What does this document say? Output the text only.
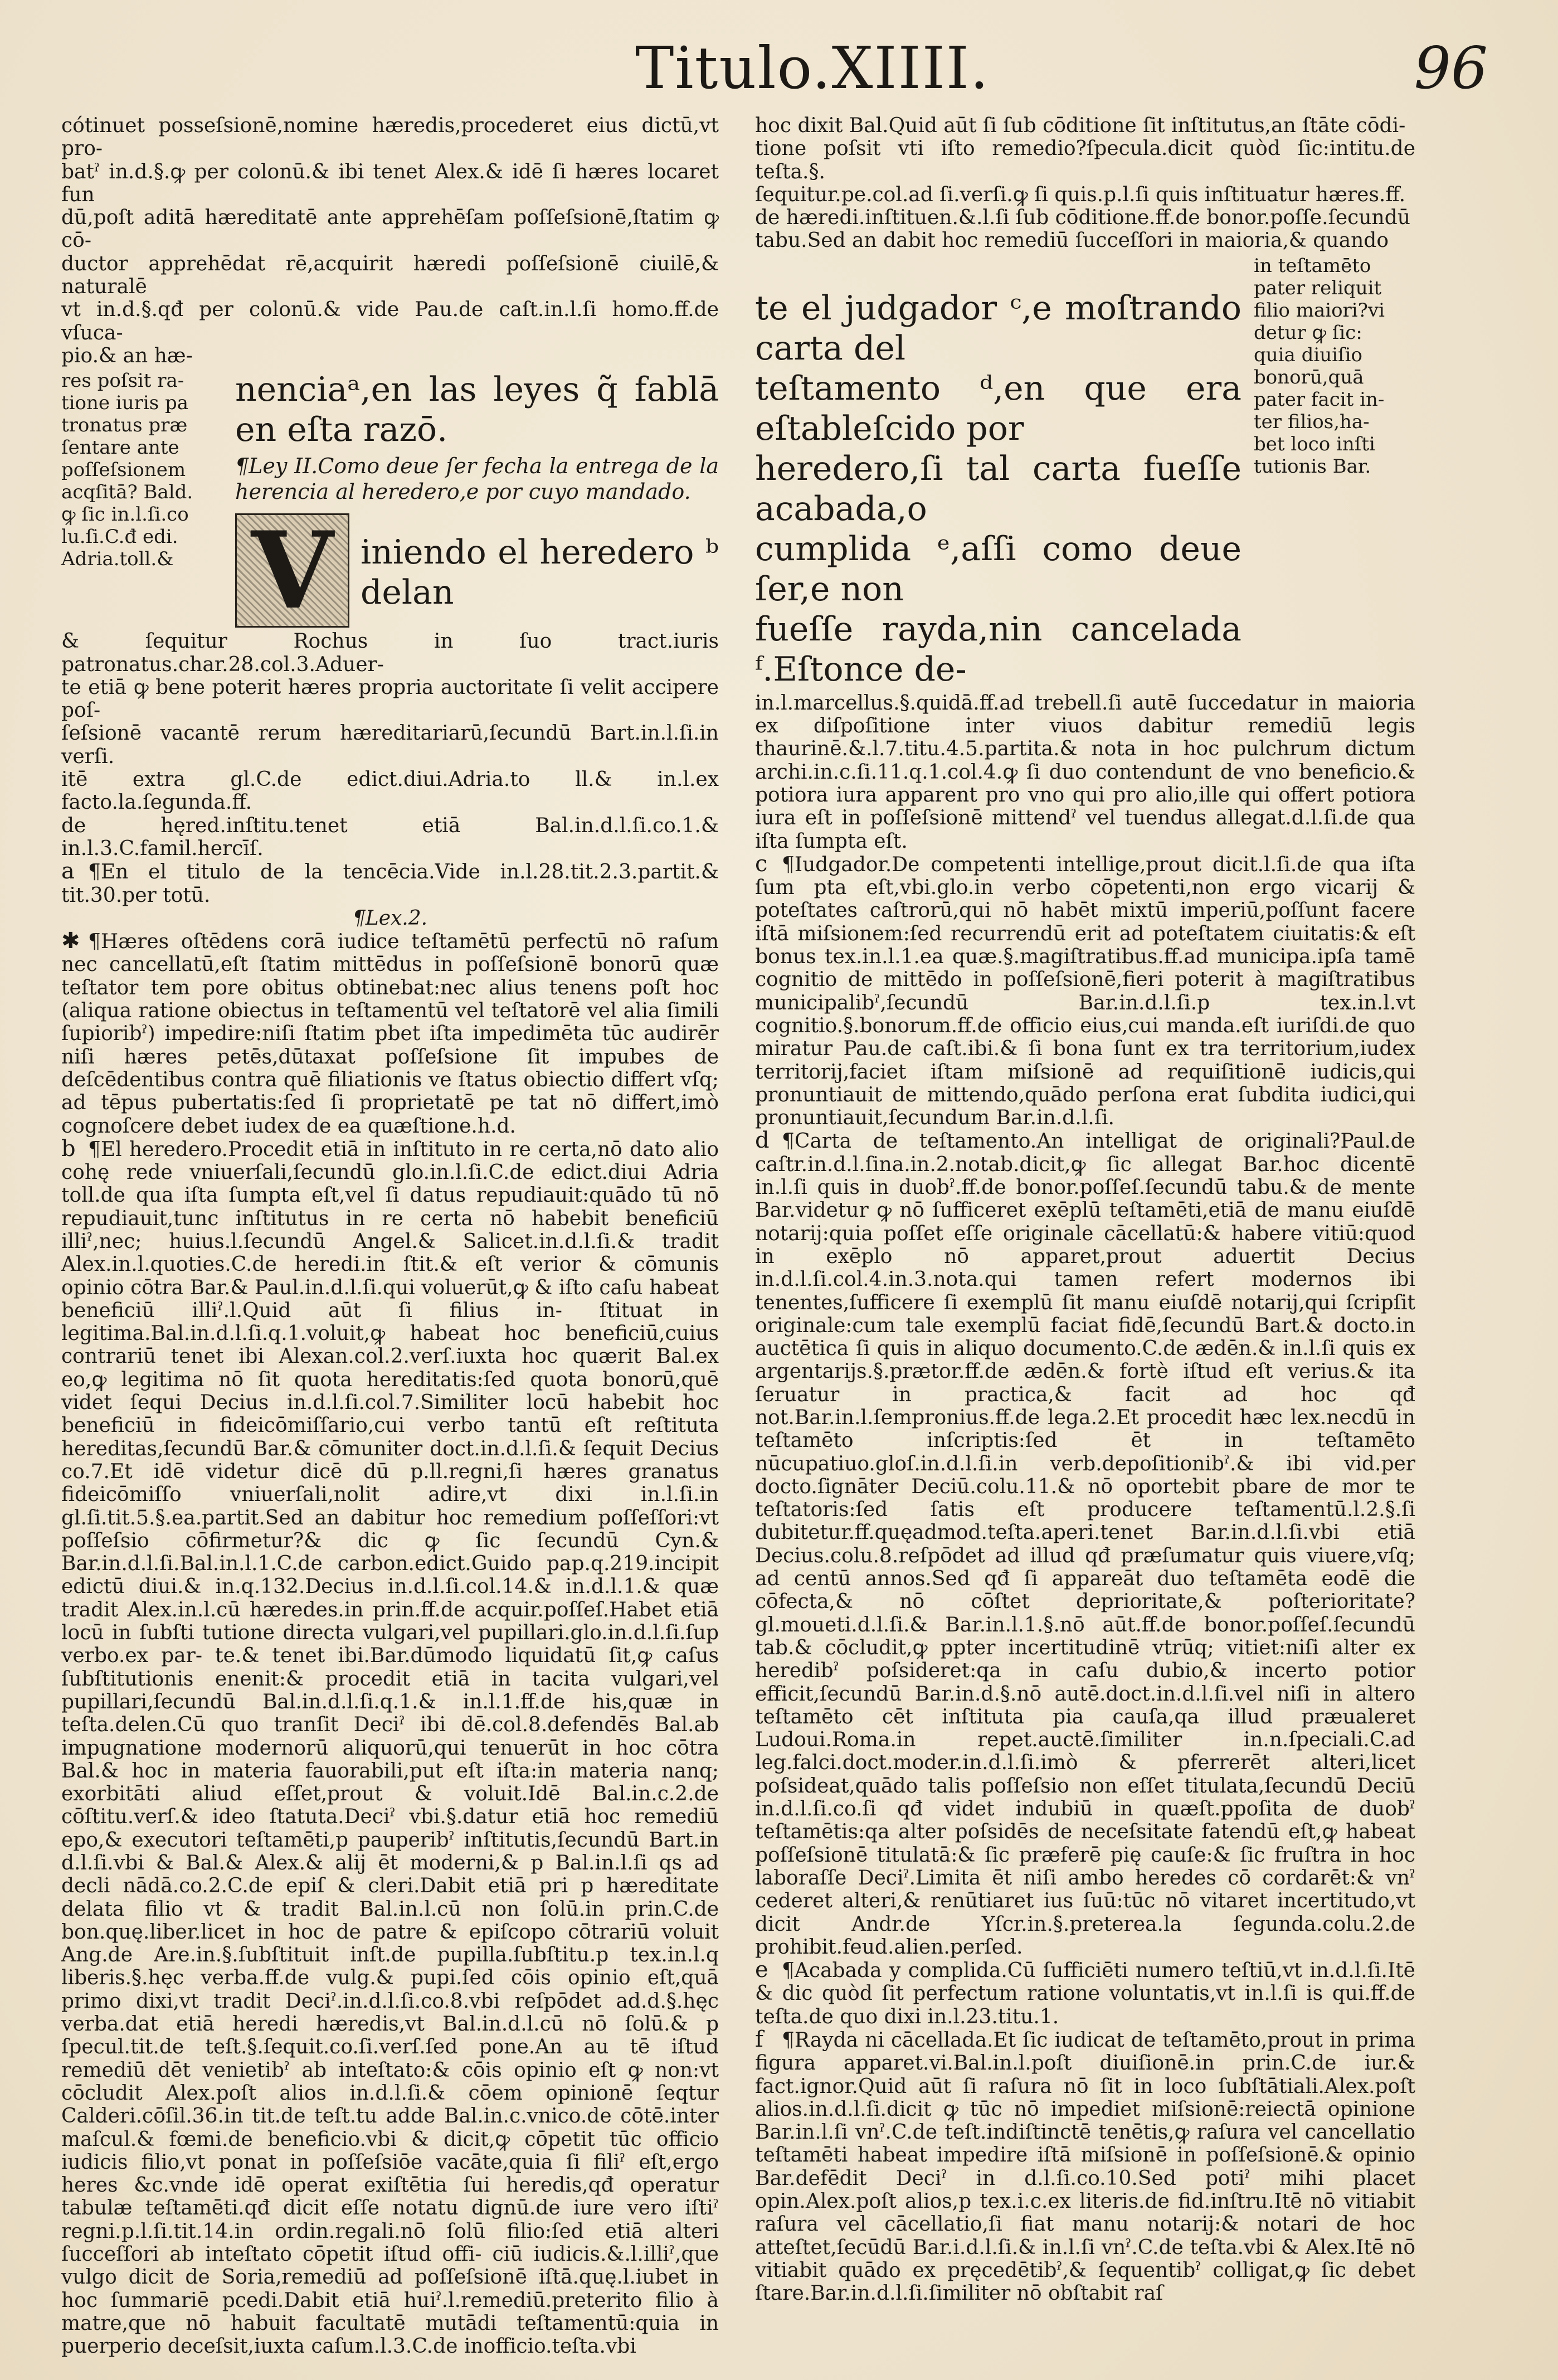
Titulo.XIIII.	96

cótinuet posseſsionē,nomine hæredis,procederet eius dictū,vt pro-

batˀ in.d.§.ꝙ per colonū.& ibi tenet Alex.& idē ſi hæres locaret fun

dū,poſt aditā hæreditatē ante apprehēſam poſſeſsionē,ſtatim ꝙ cō-

ductor apprehēdat rē,acquirit hæredi poſſeſsionē ciuilē,& naturalē

vt in.d.§.qđ per colonū.& vide Pau.de caſt.in.l.ſi homo.ff.de vſuca-

pio.& an hæ-

res poſsit ra-
tione iuris pa
tronatus præ
ſentare ante
poſſeſsionem
acqſitā? Bald.
ꝙ ſic in.l.ſi.co
lu.ſi.C.đ edi.
Adria.toll.&
nenciaᵃ,en las leyes q̃ fablā en eſta razō.
¶Ley II.Como deue ſer fecha la entrega de la herencia al heredero,e por cuyo mandado.
V iniendo el heredero ᵇ delan

& ſequitur Rochus in ſuo tract.iuris patronatus.char.28.col.3.Aduer-

te etiā ꝙ bene poterit hæres propria auctoritate ſi velit accipere poſ-

ſeſsionē vacantē rerum hæreditariarū,ſecundū Bart.in.l.ſi.in verſi.

itē extra gl.C.de edict.diui.Adria.to ll.& in.l.ex facto.la.ſegunda.ff.

de hęred.inſtitu.tenet etiā Bal.in.d.l.ſi.co.1.& in.l.3.C.famil.hercīſ.

a ¶En el titulo de la tencēcia.Vide in.l.28.tit.2.3.partit.& tit.30.per totū.

¶Lex.2.

✱ ¶Hæres oſtēdens corā iudice teſtamētū perfectū nō raſum nec cancellatū,eſt ſtatim mittēdus in poſſeſsionē bonorū quæ teſtator tem pore obitus obtinebat:nec alius tenens poſt hoc (aliqua ratione obiectus in teſtamentū vel teſtatorē vel alia ſimili ſupioribˀ) impedire:niſi ſtatim pbet iſta impedimēta tūc audirēr niſi hæres petēs,dūtaxat poſſeſsione ſit impubes de deſcēdentibus contra quē filiationis ve ſtatus obiectio differt vſq; ad tēpus pubertatis:ſed ſi proprietatē pe tat nō differt,imò cognoſcere debet iudex de ea quæſtione.h.d.

b ¶El heredero.Procedit etiā in inſtituto in re certa,nō dato alio cohę rede vniuerſali,ſecundū glo.in.l.ſi.C.de edict.diui Adria toll.de qua iſta ſumpta eſt,vel ſi datus repudiauit:quādo tū nō repudiauit,tunc inſtitutus in re certa nō habebit beneficiū illiˀ,nec; huius.l.ſecundū Angel.& Salicet.in.d.l.ſi.& tradit Alex.in.l.quoties.C.de heredi.in ſtit.& eſt verior & cōmunis opinio cōtra Bar.& Paul.in.d.l.ſi.qui voluerūt,ꝙ & iſto caſu habeat beneficiū illiˀ.l.Quid aūt ſi filius in- ſtituat in legitima.Bal.in.d.l.ſi.q.1.voluit,ꝙ habeat hoc beneficiū,cuius contrariū tenet ibi Alexan.col.2.verſ.iuxta hoc quærit Bal.ex eo,ꝙ legitima nō ſit quota hereditatis:ſed quota bonorū,quē videt ſequi Decius in.d.l.ſi.col.7.Similiter locū habebit hoc beneficiū in fideicōmiſſario,cui verbo tantū eſt reſtituta hereditas,ſecundū Bar.& cōmuniter doct.in.d.l.ſi.& ſequit Decius co.7.Et idē videtur dicē dū p.ll.regni,ſi hæres granatus fideicōmiſſo vniuerſali,nolit adire,vt dixi in.l.ſi.in gl.ſi.tit.5.§.ea.partit.Sed an dabitur hoc remedium poſſeſſori:vt poſſeſsio cōfirmetur?& dic ꝙ ſic ſecundū Cyn.& Bar.in.d.l.ſi.Bal.in.l.1.C.de carbon.edict.Guido pap.q.219.incipit edictū diui.& in.q.132.Decius in.d.l.ſi.col.14.& in.d.l.1.& quæ tradit Alex.in.l.cū hæredes.in prin.ff.de acquir.poſſeſ.Habet etiā locū in ſubſti tutione directa vulgari,vel pupillari.glo.in.d.l.ſi.ſup verbo.ex par- te.& tenet ibi.Bar.dūmodo liquidatū ſit,ꝙ caſus ſubſtitutionis enenit:& procedit etiā in tacita vulgari,vel pupillari,ſecundū Bal.in.d.l.ſi.q.1.& in.l.1.ff.de his,quæ in teſta.delen.Cū quo tranſit Deciˀ ibi dē.col.8.defendēs Bal.ab impugnatione modernorū aliquorū,qui tenuerūt in hoc cōtra Bal.& hoc in materia fauorabili,put eſt iſta:in materia nanq; exorbitāti aliud eſſet,prout & voluit.Idē Bal.in.c.2.de cōſtitu.verſ.& ideo ſtatuta.Deciˀ vbi.§.datur etiā hoc remediū epo,& executori teſtamēti,p pauperibˀ inſtitutis,ſecundū Bart.in d.l.ſi.vbi & Bal.& Alex.& alij ēt moderni,& p Bal.in.l.ſi qs ad decli nādā.co.2.C.de epiſ & cleri.Dabit etiā pri p hæreditate delata filio vt & tradit Bal.in.l.cū non ſolū.in prin.C.de bon.quę.liber.licet in hoc de patre & epiſcopo cōtrariū voluit Ang.de Are.in.§.ſubſtituit inſt.de pupilla.ſubſtitu.p tex.in.l.q liberis.§.hęc verba.ff.de vulg.& pupi.ſed cōis opinio eſt,quā primo dixi,vt tradit Deciˀ.in.d.l.ſi.co.8.vbi reſpōdet ad.d.§.hęc verba.dat etiā heredi hæredis,vt Bal.in.d.l.cū nō ſolū.& p ſpecul.tit.de teſt.§.ſequit.co.ſi.verſ.ſed pone.An au tē iſtud remediū dēt venietibˀ ab inteſtato:& cōis opinio eſt ꝙ non:vt cōcludit Alex.poſt alios in.d.l.ſi.& cōem opinionē ſeqtur Calderi.cōſil.36.in tit.de teſt.tu adde Bal.in.c.vnico.de cōtē.inter maſcul.& fœmi.de beneficio.vbi & dicit,ꝙ cōpetit tūc officio iudicis filio,vt ponat in poſſeſsiōe vacāte,quia ſi filiˀ eſt,ergo heres &c.vnde idē operat exiſtētia ſui heredis,qđ operatur tabulæ teſtamēti.qđ dicit eſſe notatu dignū.de iure vero iſtiˀ regni.p.l.ſi.tit.14.in ordin.regali.nō ſolū filio:ſed etiā alteri ſucceſſori ab inteſtato cōpetit iſtud offi- ciū iudicis.&.l.illiˀ,que vulgo dicit de Soria,remediū ad poſſeſsionē iſtā.quę.l.iubet in hoc ſummariē pcedi.Dabit etiā huiˀ.l.remediū.preterito filio à matre,que nō habuit facultatē mutādi teſtamentū:quia in puerperio deceſsit,iuxta caſum.l.3.C.de inofficio.teſta.vbi

hoc dixit Bal.Quid aūt ſi ſub cōditione ſit inſtitutus,an ſtāte cōdi-

tione poſsit vti iſto remedio?ſpecula.dicit quòd ſic:intitu.de teſta.§.

ſequitur.pe.col.ad ſi.verſi.ꝙ ſi quis.p.l.ſi quis inſtituatur hæres.ff.

de hæredi.inſtituen.&.l.ſi ſub cōditione.ff.de bonor.poſſe.ſecundū

tabu.Sed an dabit hoc remediū ſucceſſori in maioria,& quando

te el judgador ᶜ,e moſtrando carta del
teſtamento ᵈ,en que era eſtableſcido por
heredero,ſi tal carta fueſſe acabada,o
cumplida ᵉ,aſſi como deue ſer,e non
fueſſe rayda,nin cancelada ᶠ.Eſtonce de-
in teſtamēto
pater reliquit
filio maiori?vi
detur ꝙ ſic:
quia diuiſio
bonorū,quā
pater facit in-
ter filios,ha-
bet loco inſti
tutionis Bar.

in.l.marcellus.§.quidā.ff.ad trebell.ſi autē ſuccedatur in maioria ex diſpoſitione inter viuos dabitur remediū legis thaurinē.&.l.7.titu.4.5.partita.& nota in hoc pulchrum dictum archi.in.c.ſi.11.q.1.col.4.ꝙ ſi duo contendunt de vno beneficio.& potiora iura apparent pro vno qui pro alio,ille qui offert potiora iura eſt in poſſeſsionē mittendˀ vel tuendus allegat.d.l.ſi.de qua iſta ſumpta eſt.

c ¶Iudgador.De competenti intellige,prout dicit.l.ſi.de qua iſta ſum pta eſt,vbi.glo.in verbo cōpetenti,non ergo vicarij & poteſtates caſtrorū,qui nō habēt mixtū imperiū,poſſunt facere iſtā miſsionem:ſed recurrendū erit ad poteſtatem ciuitatis:& eſt bonus tex.in.l.1.ea quæ.§.magiſtratibus.ff.ad municipa.ipſa tamē cognitio de mittēdo in poſſeſsionē,fieri poterit à magiſtratibus municipalibˀ,ſecundū Bar.in.d.l.ſi.p tex.in.l.vt cognitio.§.bonorum.ff.de officio eius,cui manda.eſt iuriſdi.de quo miratur Pau.de caſt.ibi.& ſi bona ſunt ex tra territorium,iudex territorij,faciet iſtam miſsionē ad requiſitionē iudicis,qui pronuntiauit de mittendo,quādo perſona erat ſubdita iudici,qui pronuntiauit,ſecundum Bar.in.d.l.ſi.

d ¶Carta de teſtamento.An intelligat de originali?Paul.de caſtr.in.d.l.ſina.in.2.notab.dicit,ꝙ ſic allegat Bar.hoc dicentē in.l.ſi quis in duobˀ.ff.de bonor.poſſeſ.ſecundū tabu.& de mente Bar.videtur ꝙ nō ſufficeret exēplū teſtamēti,etiā de manu eiuſdē notarij:quia poſſet eſſe originale cācellatū:& habere vitiū:quod in exēplo nō apparet,prout aduertit Decius in.d.l.ſi.col.4.in.3.nota.qui tamen refert modernos ibi tenentes,ſufficere ſi exemplū ſit manu eiuſdē notarij,qui ſcripſit originale:cum tale exemplū faciat fidē,ſecundū Bart.& docto.in auctētica ſi quis in aliquo documento.C.de ædēn.& in.l.ſi quis ex argentarijs.§.prætor.ff.de ædēn.& fortè iſtud eſt verius.& ita ſeruatur in practica,& facit ad hoc qđ not.Bar.in.l.ſempronius.ff.de lega.2.Et procedit hæc lex.necdū in teſtamēto inſcriptis:ſed ēt in teſtamēto nūcupatiuo.gloſ.in.d.l.ſi.in verb.depoſitionibˀ.& ibi vid.per docto.ſignāter Deciū.colu.11.& nō oportebit pbare de mor te teſtatoris:ſed ſatis eſt producere teſtamentū.l.2.§.ſi dubitetur.ff.quęadmod.teſta.aperi.tenet Bar.in.d.l.ſi.vbi etiā Decius.colu.8.reſpōdet ad illud qđ præſumatur quis viuere,vſq; ad centū annos.Sed qđ ſi appareāt duo teſtamēta eodē die cōfecta,& nō cōſtet deprioritate,& poſterioritate?gl.moueti.d.l.ſi.& Bar.in.l.1.§.nō aūt.ff.de bonor.poſſeſ.ſecundū tab.& cōcludit,ꝙ ppter incertitudinē vtrūq; vitiet:niſi alter ex heredibˀ poſsideret:qa in caſu dubio,& incerto potior efficit,ſecundū Bar.in.d.§.nō autē.doct.in.d.l.ſi.vel niſi in altero teſtamēto cēt inſtituta pia cauſa,qa illud præualeret Ludoui.Roma.in repet.auctē.ſimiliter in.n.ſpeciali.C.ad leg.falci.doct.moder.in.d.l.ſi.imò & pferrerēt alteri,licet poſsideat,quādo talis poſſeſsio non eſſet titulata,ſecundū Deciū in.d.l.ſi.co.ſi qđ videt indubiū in quæſt.ppoſita de duobˀ teſtamētis:qa alter poſsidēs de neceſsitate fatendū eſt,ꝙ habeat poſſeſsionē titulatā:& ſic præferē pię cauſe:& ſic fruſtra in hoc laboraſſe Deciˀ.Limita ēt niſi ambo heredes cō cordarēt:& vnˀ cederet alteri,& renūtiaret ius ſuū:tūc nō vitaret incertitudo,vt dicit Andr.de Yſcr.in.§.preterea.la ſegunda.colu.2.de prohibit.feud.alien.perſed.

e ¶Acabada y complida.Cū ſufficiēti numero teſtiū,vt in.d.l.ſi.Itē & dic quòd ſit perfectum ratione voluntatis,vt in.l.ſi is qui.ff.de teſta.de quo dixi in.l.23.titu.1.

f ¶Rayda ni cācellada.Et ſic iudicat de teſtamēto,prout in prima figura apparet.vi.Bal.in.l.poſt diuiſionē.in prin.C.de iur.& fact.ignor.Quid aūt ſi raſura nō ſit in loco ſubſtātiali.Alex.poſt alios.in.d.l.ſi.dicit ꝙ tūc nō impediet miſsionē:reiectā opinione Bar.in.l.ſi vnˀ.C.de teſt.indiſtinctē tenētis,ꝙ raſura vel cancellatio teſtamēti habeat impedire iſtā miſsionē in poſſeſsionē.& opinio Bar.defēdit Deciˀ in d.l.ſi.co.10.Sed potiˀ mihi placet opin.Alex.poſt alios,p tex.i.c.ex literis.de fid.inſtru.Itē nō vitiabit raſura vel cācellatio,ſi fiat manu notarij:& notari de hoc atteſtet,ſecūdū Bar.i.d.l.ſi.& in.l.ſi vnˀ.C.de teſta.vbi & Alex.Itē nō vitiabit quādo ex pręcedētibˀ,& ſequentibˀ colligat,ꝙ ſic debet ſtare.Bar.in.d.l.ſi.ſimiliter nō obſtabit raſ
